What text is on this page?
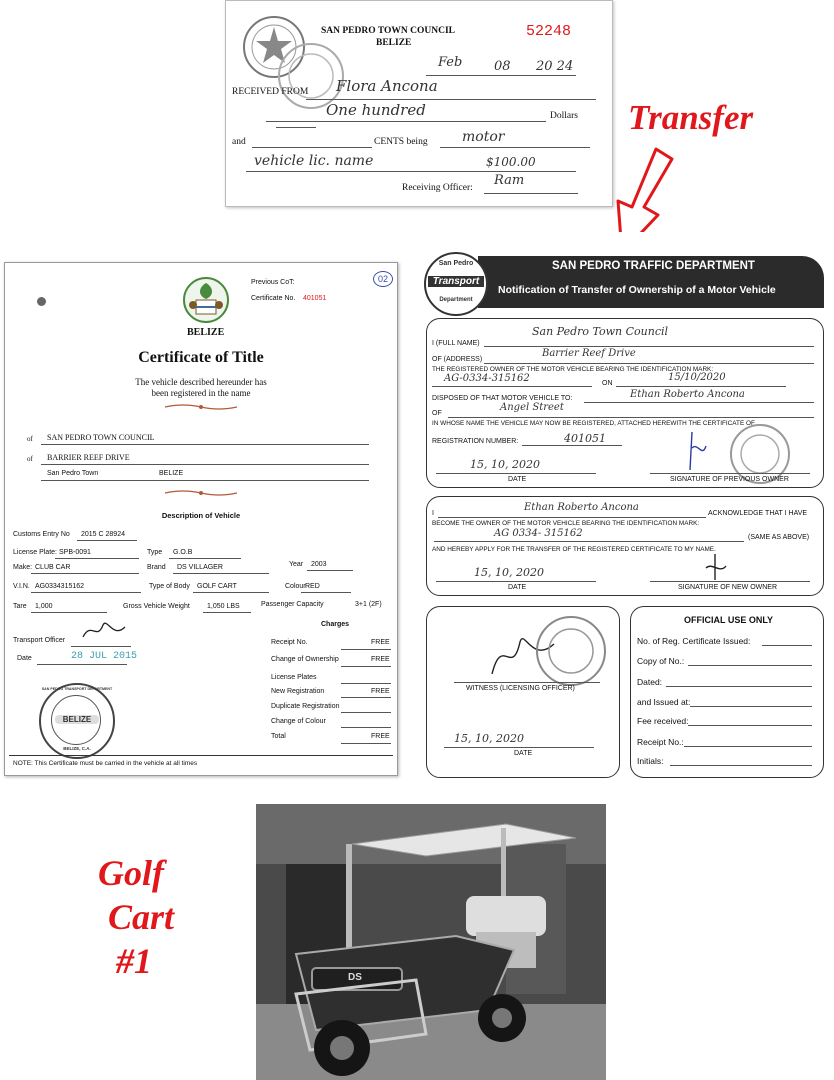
SAN PEDRO TOWN COUNCIL
BELIZE
52248
Feb 08 20 24
RECEIVED FROM Flora Ancona
One hundred	Dollars
and	CENTS being motor
vehicle lic. name	$100.00
Receiving Officer: Ram
Transfer
BELIZE
Previous CoT:
Certificate No. 401051
02
Certificate of Title
The vehicle described hereunder has
been registered in the name
of SAN PEDRO TOWN COUNCIL
of BARRIER REEF DRIVE
San Pedro Town	BELIZE
Description of Vehicle
Customs Entry No 2015 C 28924
License Plate: SPB-0091	Type G.O.B
Make: CLUB CAR	Brand DS VILLAGER	Year 2003
V.I.N. AG0334315162	Type of Body GOLF CART	Colour RED
Tare 1,000	Gross Vehicle Weight 1,050 LBS	Passenger Capacity	3+1 (2F)
Transport Officer
Date	28 JUL 2015
Charges
Receipt No.	FREE
Change of Ownership	FREE
License Plates
New Registration	FREE
Duplicate Registration
Change of Colour
Total	FREE
SAN PEDRO TRANSPORT DEPARTMENT
BELIZE
BELIZE, C.A.
NOTE: This Certificate must be carried in the vehicle at all times
SAN PEDRO TRAFFIC DEPARTMENT
Notification of Transfer of Ownership of a Motor Vehicle
San Pedro
Transport
Department
I (FULL NAME)
San Pedro Town Council
OF (ADDRESS)
Barrier Reef Drive
THE REGISTERED OWNER OF THE MOTOR VEHICLE BEARING THE IDENTIFICATION MARK:
AG-0334-315162	ON
15/10/2020
DISPOSED OF THAT MOTOR VEHICLE TO:	Ethan Roberto Ancona
OF
Angel Street
IN WHOSE NAME THE VEHICLE MAY NOW BE REGISTERED, ATTACHED HEREWITH THE CERTIFICATE OF
REGISTRATION NUMBER:	401051
15, 10, 2020
DATE	SIGNATURE OF PREVIOUS OWNER
I
Ethan Roberto Ancona
ACKNOWLEDGE THAT I HAVE
BECOME THE OWNER OF THE MOTOR VEHICLE BEARING THE IDENTIFICATION MARK:
AG 0334- 315162	(SAME AS ABOVE)
AND HEREBY APPLY FOR THE TRANSFER OF THE REGISTERED CERTIFICATE TO MY NAME.
15, 10, 2020
DATE	SIGNATURE OF NEW OWNER
WITNESS (LICENSING OFFICER)
15, 10, 2020
DATE
OFFICIAL USE ONLY
No. of Reg. Certificate Issued:
Copy of No.:
Dated:
and Issued at:
Fee received:
Receipt No.:
Initials:
Golf
Cart
#1	DS
